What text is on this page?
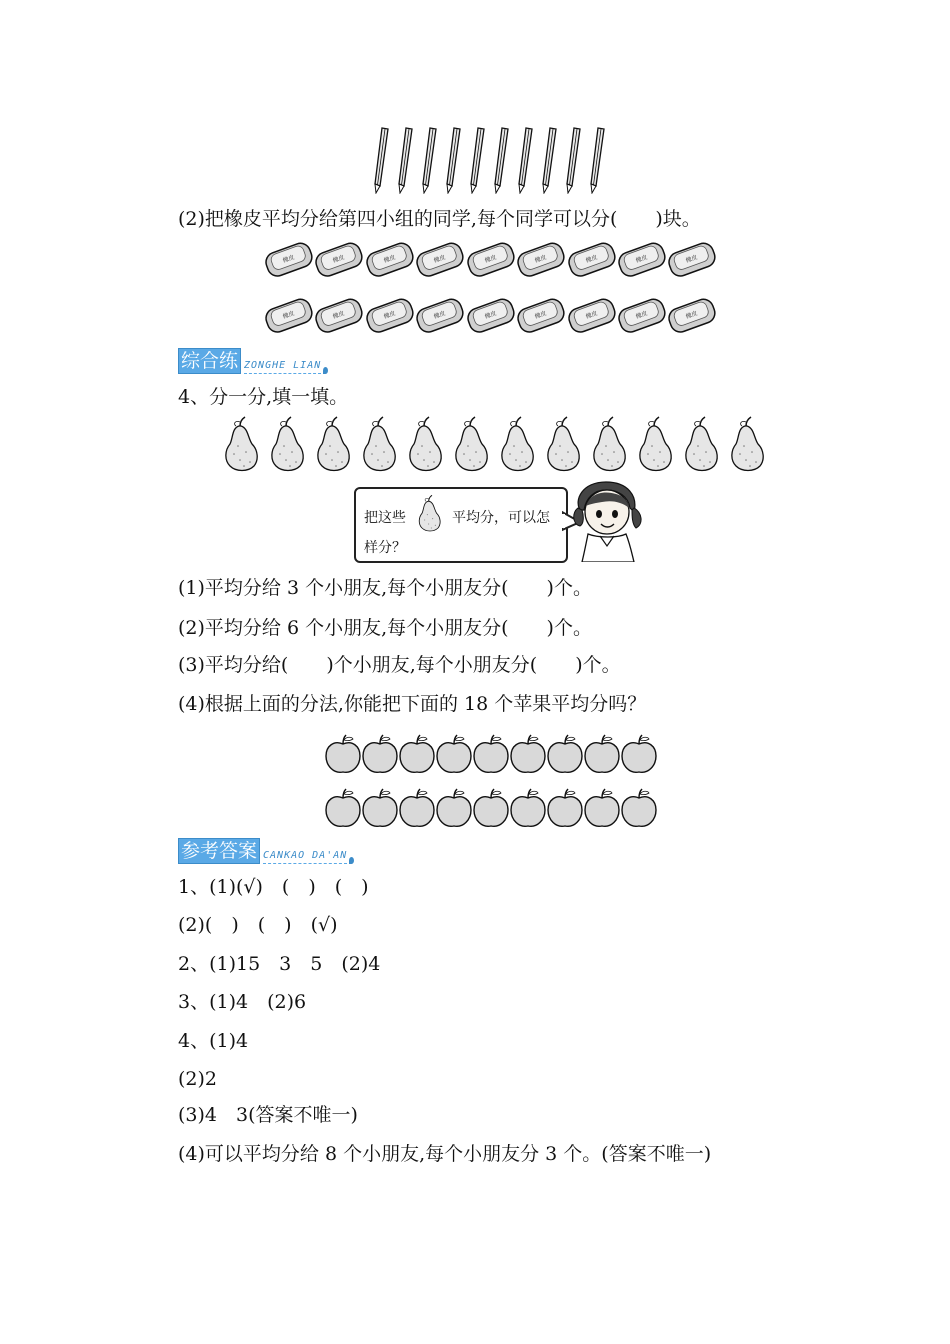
(2)把橡皮平均分给第四小组的同学,每个同学可以分(　　)块。
综合练 ZONGHE LIAN
4、分一分,填一填。
把这些	平均分，可以怎
样分？
(1)平均分给 3 个小朋友,每个小朋友分(　　)个。
(2)平均分给 6 个小朋友,每个小朋友分(　　)个。
(3)平均分给(　　)个小朋友,每个小朋友分(　　)个。
(4)根据上面的分法,你能把下面的 18 个苹果平均分吗？
参考答案 CANKAO DA'AN
1、(1)(√)　(　)　(　)
(2)(　)　(　)　(√)
2、(1)15　3　5　(2)4
3、(1)4　(2)6
4、(1)4
(2)2
(3)4　3(答案不唯一)
(4)可以平均分给 8 个小朋友,每个小朋友分 3 个。(答案不唯一)
